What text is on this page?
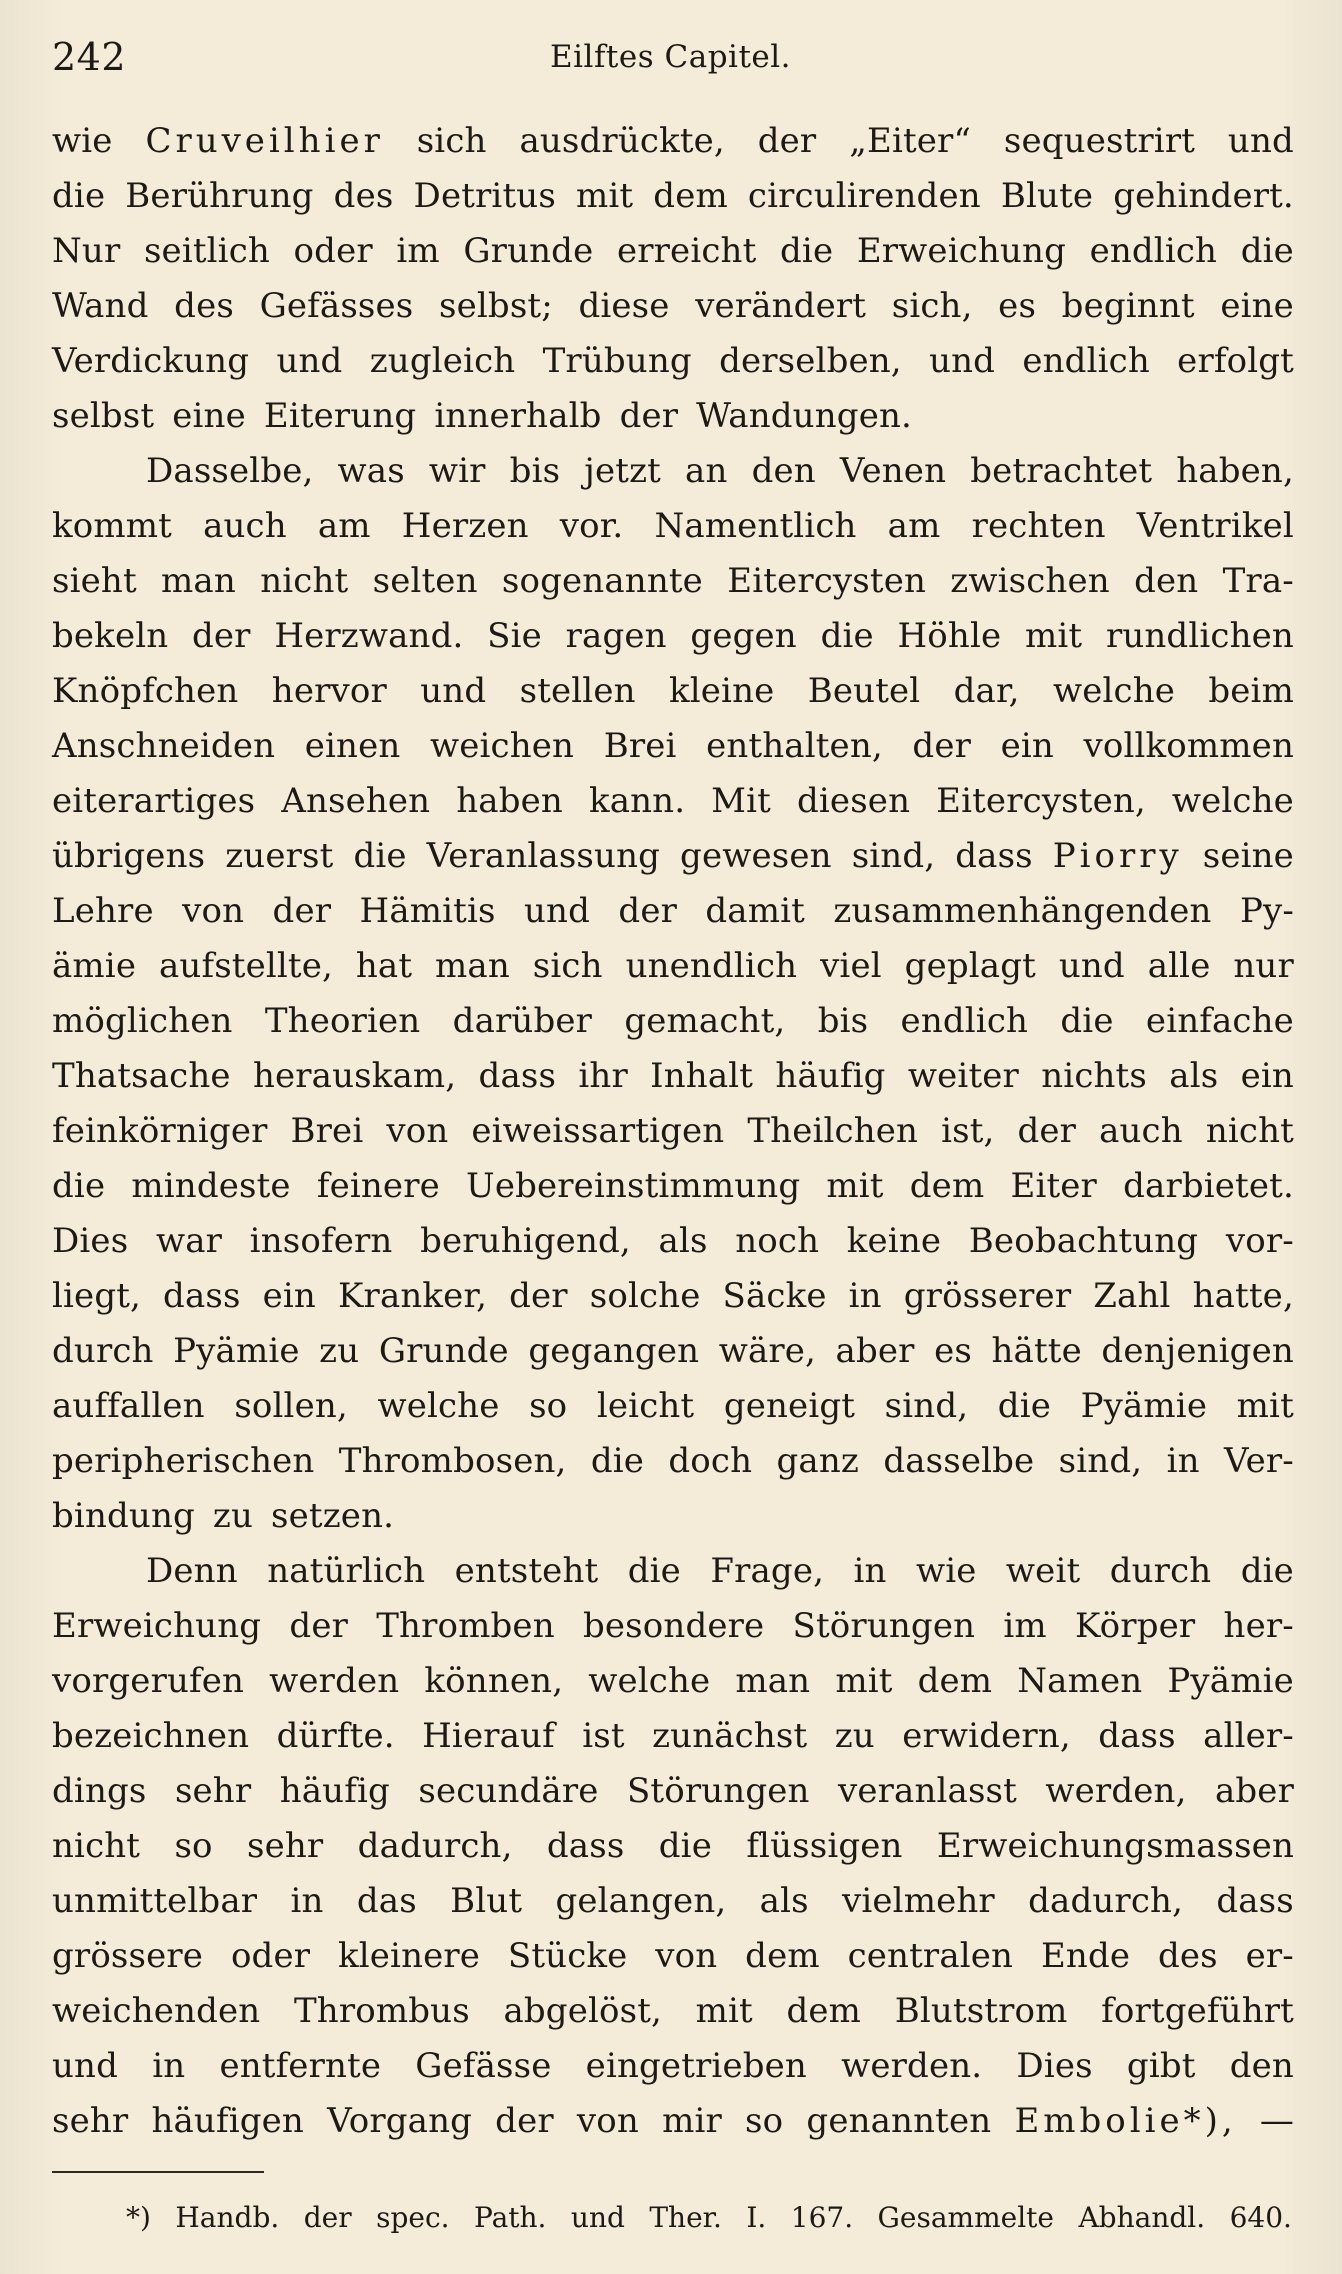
242	Eilftes Capitel.
wie Cruveilhier sich ausdrückte, der „Eiter“ sequestrirt und
die Berührung des Detritus mit dem circulirenden Blute gehindert.
Nur seitlich oder im Grunde erreicht die Erweichung endlich die
Wand des Gefässes selbst; diese verändert sich, es beginnt eine
Verdickung und zugleich Trübung derselben, und endlich erfolgt
selbst eine Eiterung innerhalb der Wandungen.
Dasselbe, was wir bis jetzt an den Venen betrachtet haben,
kommt auch am Herzen vor. Namentlich am rechten Ventrikel
sieht man nicht selten sogenannte Eitercysten zwischen den Tra-
bekeln der Herzwand. Sie ragen gegen die Höhle mit rundlichen
Knöpfchen hervor und stellen kleine Beutel dar, welche beim
Anschneiden einen weichen Brei enthalten, der ein vollkommen
eiterartiges Ansehen haben kann. Mit diesen Eitercysten, welche
übrigens zuerst die Veranlassung gewesen sind, dass Piorry seine
Lehre von der Hämitis und der damit zusammenhängenden Py-
ämie aufstellte, hat man sich unendlich viel geplagt und alle nur
möglichen Theorien darüber gemacht, bis endlich die einfache
Thatsache herauskam, dass ihr Inhalt häufig weiter nichts als ein
feinkörniger Brei von eiweissartigen Theilchen ist, der auch nicht
die mindeste feinere Uebereinstimmung mit dem Eiter darbietet.
Dies war insofern beruhigend, als noch keine Beobachtung vor-
liegt, dass ein Kranker, der solche Säcke in grösserer Zahl hatte,
durch Pyämie zu Grunde gegangen wäre, aber es hätte denjenigen
auffallen sollen, welche so leicht geneigt sind, die Pyämie mit
peripherischen Thrombosen, die doch ganz dasselbe sind, in Ver-
bindung zu setzen.
Denn natürlich entsteht die Frage, in wie weit durch die
Erweichung der Thromben besondere Störungen im Körper her-
vorgerufen werden können, welche man mit dem Namen Pyämie
bezeichnen dürfte. Hierauf ist zunächst zu erwidern, dass aller-
dings sehr häufig secundäre Störungen veranlasst werden, aber
nicht so sehr dadurch, dass die flüssigen Erweichungsmassen
unmittelbar in das Blut gelangen, als vielmehr dadurch, dass
grössere oder kleinere Stücke von dem centralen Ende des er-
weichenden Thrombus abgelöst, mit dem Blutstrom fortgeführt
und in entfernte Gefässe eingetrieben werden. Dies gibt den
sehr häufigen Vorgang der von mir so genannten Embolie*), —
*) Handb. der spec. Path. und Ther. I. 167. Gesammelte Abhandl. 640.
